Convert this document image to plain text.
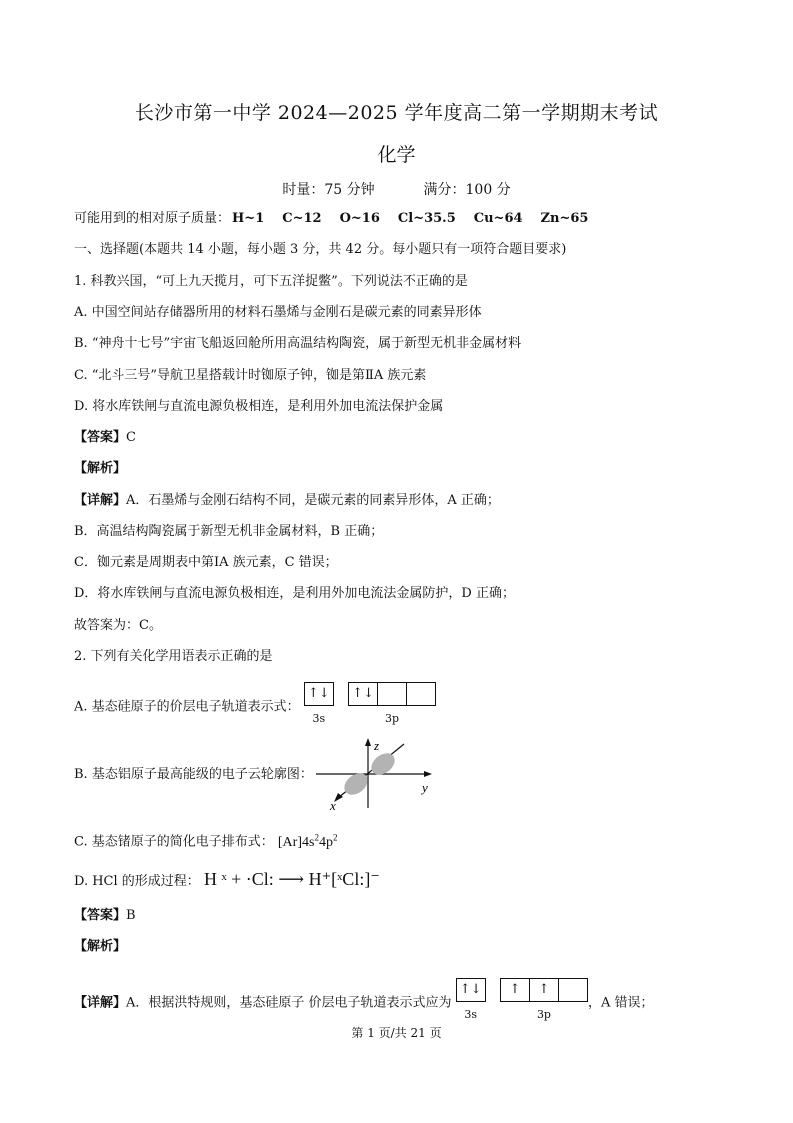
长沙市第一中学 2024—2025 学年度高二第一学期期末考试
化学
时量：75 分钟	满分：100 分
可能用到的相对原子质量： H~1 C~12 O~16 Cl~35.5 Cu~64 Zn~65
一、选择题(本题共 14 小题，每小题 3 分，共 42 分。每小题只有一项符合题目要求)
1. 科教兴国，“可上九天揽月，可下五洋捉鳖”。下列说法不正确的是
A. 中国空间站存储器所用的材料石墨烯与金刚石是碳元素的同素异形体
B. “神舟十七号”宇宙飞船返回舱所用高温结构陶瓷，属于新型无机非金属材料
C. “北斗三号”导航卫星搭载计时铷原子钟，铷是第ⅡA 族元素
D. 将水库铁闸与直流电源负极相连，是利用外加电流法保护金属
【答案】C
【解析】
【详解】A．石墨烯与金刚石结构不同，是碳元素的同素异形体，A 正确；
B．高温结构陶瓷属于新型无机非金属材料，B 正确；
C．铷元素是周期表中第ⅠA 族元素，C 错误；
D．将水库铁闸与直流电源负极相连，是利用外加电流法金属防护，D 正确；
故答案为：C。
2. 下列有关化学用语表示正确的是
A. 基态硅原子的价层电子轨道表示式： ↑↓
3s
↑↓
3p
B. 基态铝原子最高能级的电子云轮廓图：
z
y
x
C. 基态锗原子的简化电子排布式： $[Ar]4s^24p^2$
D. HCl 的形成过程： H ˣ + ·Cl: ⟶ H⁺[ˣCl:]⁻
【答案】B
【解析】
【详解】A．根据洪特规则，基态硅原子 价层电子轨道表示式应为 ↑↓
3s
↑ ↑
3p
，A 错误；
第 1 页/共 21 页
